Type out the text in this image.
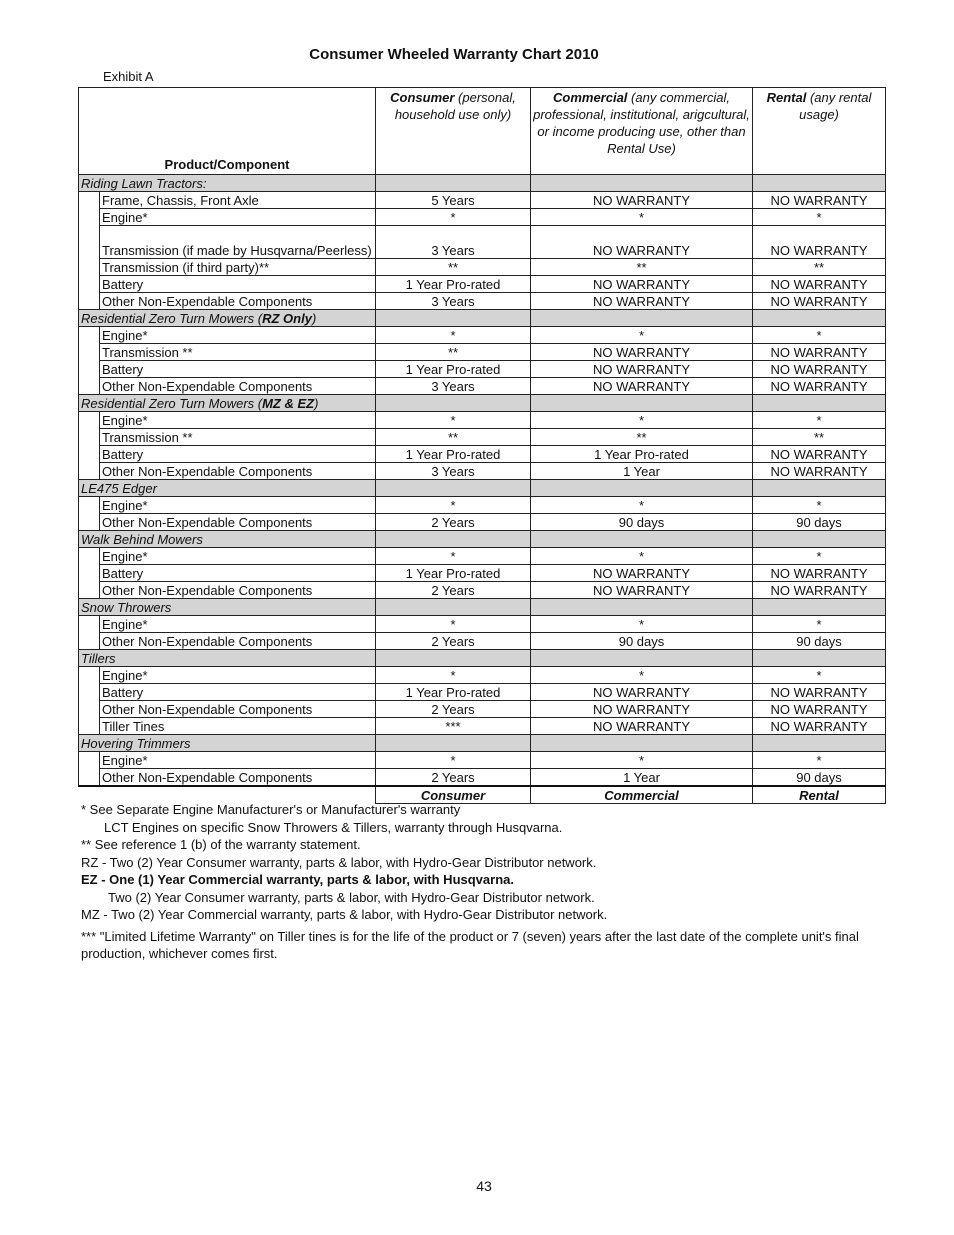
Consumer Wheeled Warranty Chart 2010
Exhibit A
Product/Component		Consumer (personal, household use only)	Commercial (any commercial, professional, institutional, arigcultural, or income producing use, other than Rental Use)	Rental (any rental usage)
Riding Lawn Tractors:				
	Frame, Chassis, Front Axle	5 Years	NO WARRANTY	NO WARRANTY
	Engine*	*	*	*
	Transmission (if made by Husqvarna/Peerless)	3 Years	NO WARRANTY	NO WARRANTY
	Transmission (if third party)**	**	**	**
	Battery	1 Year Pro-rated	NO WARRANTY	NO WARRANTY
	Other Non-Expendable Components	3 Years	NO WARRANTY	NO WARRANTY
Residential Zero Turn Mowers (RZ Only)				
	Engine*	*	*	*
	Transmission **	**	NO WARRANTY	NO WARRANTY
	Battery	1 Year Pro-rated	NO WARRANTY	NO WARRANTY
	Other Non-Expendable Components	3 Years	NO WARRANTY	NO WARRANTY
Residential Zero Turn Mowers (MZ & EZ)				
	Engine*	*	*	*
	Transmission **	**	**	**
	Battery	1 Year Pro-rated	1 Year Pro-rated	NO WARRANTY
	Other Non-Expendable Components	3 Years	1 Year	NO WARRANTY
LE475 Edger				
	Engine*	*	*	*
	Other Non-Expendable Components	2 Years	90 days	90 days
Walk Behind Mowers				
	Engine*	*	*	*
	Battery	1 Year Pro-rated	NO WARRANTY	NO WARRANTY
	Other Non-Expendable Components	2 Years	NO WARRANTY	NO WARRANTY
Snow Throwers				
	Engine*	*	*	*
	Other Non-Expendable Components	2 Years	90 days	90 days
Tillers				
	Engine*	*	*	*
	Battery	1 Year Pro-rated	NO WARRANTY	NO WARRANTY
	Other Non-Expendable Components	2 Years	NO WARRANTY	NO WARRANTY
	Tiller Tines	***	NO WARRANTY	NO WARRANTY
Hovering Trimmers				
	Engine*	*	*	*
	Other Non-Expendable Components	2 Years	1 Year	90 days
		Consumer	Commercial	Rental

* See Separate Engine Manufacturer's or Manufacturer's warranty

LCT Engines on specific Snow Throwers & Tillers, warranty through Husqvarna.

** See reference 1 (b) of the warranty statement.

RZ - Two (2) Year Consumer warranty, parts & labor, with Hydro-Gear Distributor network.

EZ - One (1) Year Commercial warranty, parts & labor, with Husqvarna.

Two (2) Year Consumer warranty, parts & labor, with Hydro-Gear Distributor network.

MZ - Two (2) Year Commercial warranty, parts & labor, with Hydro-Gear Distributor network.

*** "Limited Lifetime Warranty" on Tiller tines is for the life of the product or 7 (seven) years after the last date of the complete unit's final production, whichever comes first.

43
